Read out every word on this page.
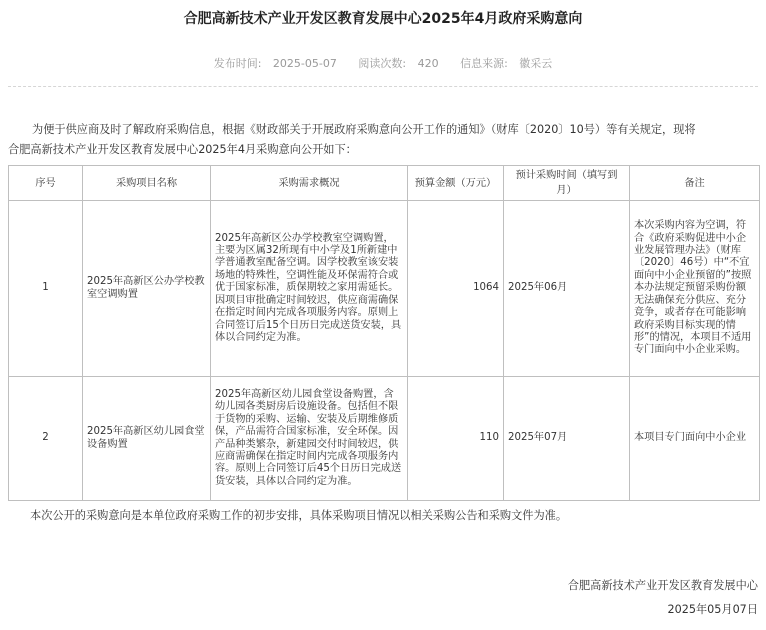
合肥高新技术产业开发区教育发展中心2025年4月政府采购意向
发布时间: 2025-05-07 阅读次数: 420 信息来源: 徽采云
为便于供应商及时了解政府采购信息，根据《财政部关于开展政府采购意向公开工作的通知》（财库〔2020〕10号）等有关规定，现将
合肥高新技术产业开发区教育发展中心2025年4月采购意向公开如下：
序号	采购项目名称	采购需求概况	预算金额（万元）	预计采购时间（填写到月）	备注
1	2025年高新区公办学校教室空调购置	2025年高新区公办学校教室空调购置，主要为区属32所现有中小学及1所新建中学普通教室配备空调。因学校教室该安装场地的特殊性，空调性能及环保需符合或优于国家标准，质保期较之家用需延长。因项目审批确定时间较迟，供应商需确保在指定时间内完成各项服务内容。原则上合同签订后15个日历日完成送货安装，具体以合同约定为准。	1064	2025年06月	本次采购内容为空调，符合《政府采购促进中小企业发展管理办法》（财库〔2020〕46号）中“不宜面向中小企业预留的”按照本办法规定预留采购份额无法确保充分供应、充分竞争，或者存在可能影响政府采购目标实现的情形”的情况，本项目不适用专门面向中小企业采购。
2	2025年高新区幼儿园食堂设备购置	2025年高新区幼儿园食堂设备购置，含幼儿园各类厨房后设施设备。包括但不限于货物的采购、运输、安装及后期维修质保，产品需符合国家标准，安全环保。因产品种类繁杂，新建园交付时间较迟，供应商需确保在指定时间内完成各项服务内容。原则上合同签订后45个日历日完成送货安装，具体以合同约定为准。	110	2025年07月	本项目专门面向中小企业
本次公开的采购意向是本单位政府采购工作的初步安排，具体采购项目情况以相关采购公告和采购文件为准。
合肥高新技术产业开发区教育发展中心
2025年05月07日
